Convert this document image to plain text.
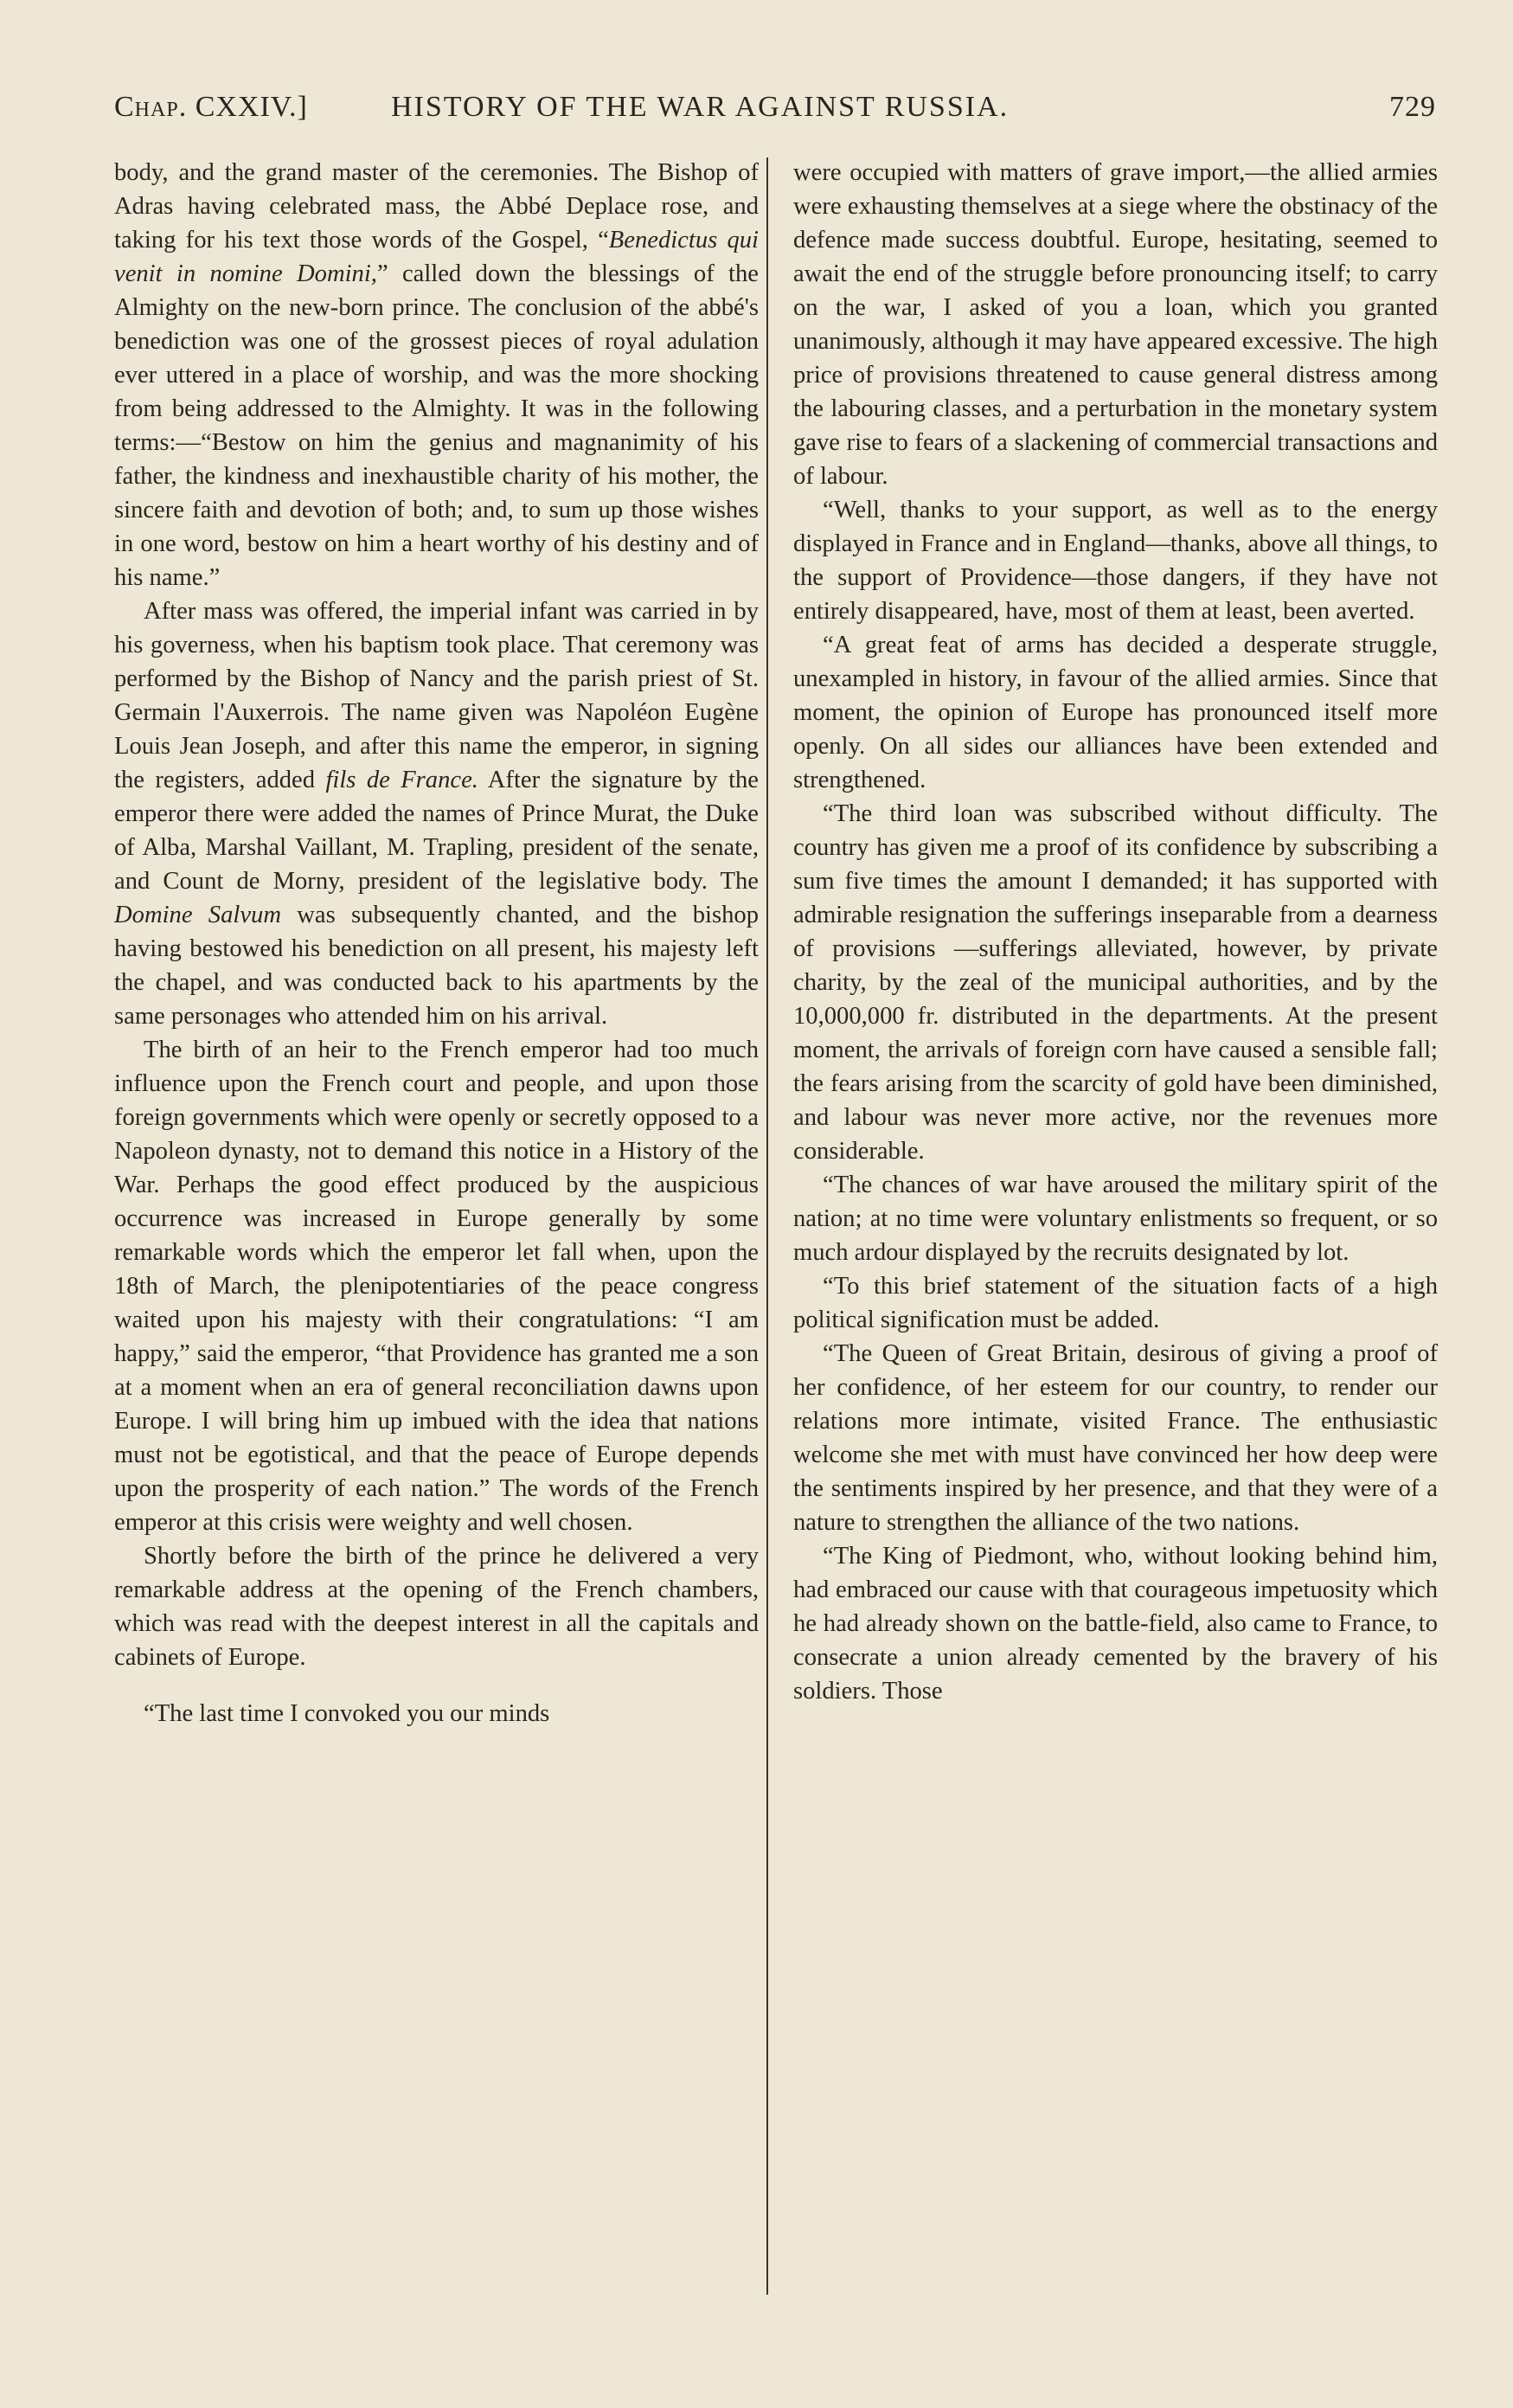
Chap. CXXIV.]	HISTORY OF THE WAR AGAINST RUSSIA.	729

body, and the grand master of the ceremonies. The Bishop of Adras having celebrated mass, the Abbé Deplace rose, and taking for his text those words of the Gospel, “Benedictus qui venit in nomine Domini,” called down the blessings of the Almighty on the new-born prince. The conclusion of the abbé's benediction was one of the grossest pieces of royal adulation ever uttered in a place of worship, and was the more shocking from being addressed to the Almighty. It was in the following terms:—“Bestow on him the genius and magnanimity of his father, the kindness and inexhaustible charity of his mother, the sincere faith and devotion of both; and, to sum up those wishes in one word, bestow on him a heart worthy of his destiny and of his name.”

After mass was offered, the imperial infant was carried in by his governess, when his baptism took place. That ceremony was performed by the Bishop of Nancy and the parish priest of St. Germain l'Auxerrois. The name given was Napoléon Eugène Louis Jean Joseph, and after this name the emperor, in signing the registers, added fils de France. After the signature by the emperor there were added the names of Prince Murat, the Duke of Alba, Marshal Vaillant, M. Trapling, president of the senate, and Count de Morny, president of the legislative body. The Domine Salvum was subsequently chanted, and the bishop having bestowed his benediction on all present, his majesty left the chapel, and was conducted back to his apartments by the same personages who attended him on his arrival.

The birth of an heir to the French emperor had too much influence upon the French court and people, and upon those foreign governments which were openly or secretly opposed to a Napoleon dynasty, not to demand this notice in a History of the War. Perhaps the good effect produced by the auspicious occurrence was increased in Europe generally by some remarkable words which the emperor let fall when, upon the 18th of March, the plenipotentiaries of the peace congress waited upon his majesty with their congratulations: “I am happy,” said the emperor, “that Providence has granted me a son at a moment when an era of general reconciliation dawns upon Europe. I will bring him up imbued with the idea that nations must not be egotistical, and that the peace of Europe depends upon the prosperity of each nation.” The words of the French emperor at this crisis were weighty and well chosen.

Shortly before the birth of the prince he delivered a very remarkable address at the opening of the French chambers, which was read with the deepest interest in all the capitals and cabinets of Europe.

“The last time I convoked you our minds

were occupied with matters of grave import,—the allied armies were exhausting themselves at a siege where the obstinacy of the defence made success doubtful. Europe, hesitating, seemed to await the end of the struggle before pronouncing itself; to carry on the war, I asked of you a loan, which you granted unanimously, although it may have appeared excessive. The high price of provisions threatened to cause general distress among the labouring classes, and a perturbation in the monetary system gave rise to fears of a slackening of commercial transactions and of labour.

“Well, thanks to your support, as well as to the energy displayed in France and in England—thanks, above all things, to the support of Providence—those dangers, if they have not entirely disappeared, have, most of them at least, been averted.

“A great feat of arms has decided a desperate struggle, unexampled in history, in favour of the allied armies. Since that moment, the opinion of Europe has pronounced itself more openly. On all sides our alliances have been extended and strengthened.

“The third loan was subscribed without difficulty. The country has given me a proof of its confidence by subscribing a sum five times the amount I demanded; it has supported with admirable resignation the sufferings inseparable from a dearness of provisions —sufferings alleviated, however, by private charity, by the zeal of the municipal authorities, and by the 10,000,000 fr. distributed in the departments. At the present moment, the arrivals of foreign corn have caused a sensible fall; the fears arising from the scarcity of gold have been diminished, and labour was never more active, nor the revenues more considerable.

“The chances of war have aroused the military spirit of the nation; at no time were voluntary enlistments so frequent, or so much ardour displayed by the recruits designated by lot.

“To this brief statement of the situation facts of a high political signification must be added.

“The Queen of Great Britain, desirous of giving a proof of her confidence, of her esteem for our country, to render our relations more intimate, visited France. The enthusiastic welcome she met with must have convinced her how deep were the sentiments inspired by her presence, and that they were of a nature to strengthen the alliance of the two nations.

“The King of Piedmont, who, without looking behind him, had embraced our cause with that courageous impetuosity which he had already shown on the battle-field, also came to France, to consecrate a union already cemented by the bravery of his soldiers. Those
